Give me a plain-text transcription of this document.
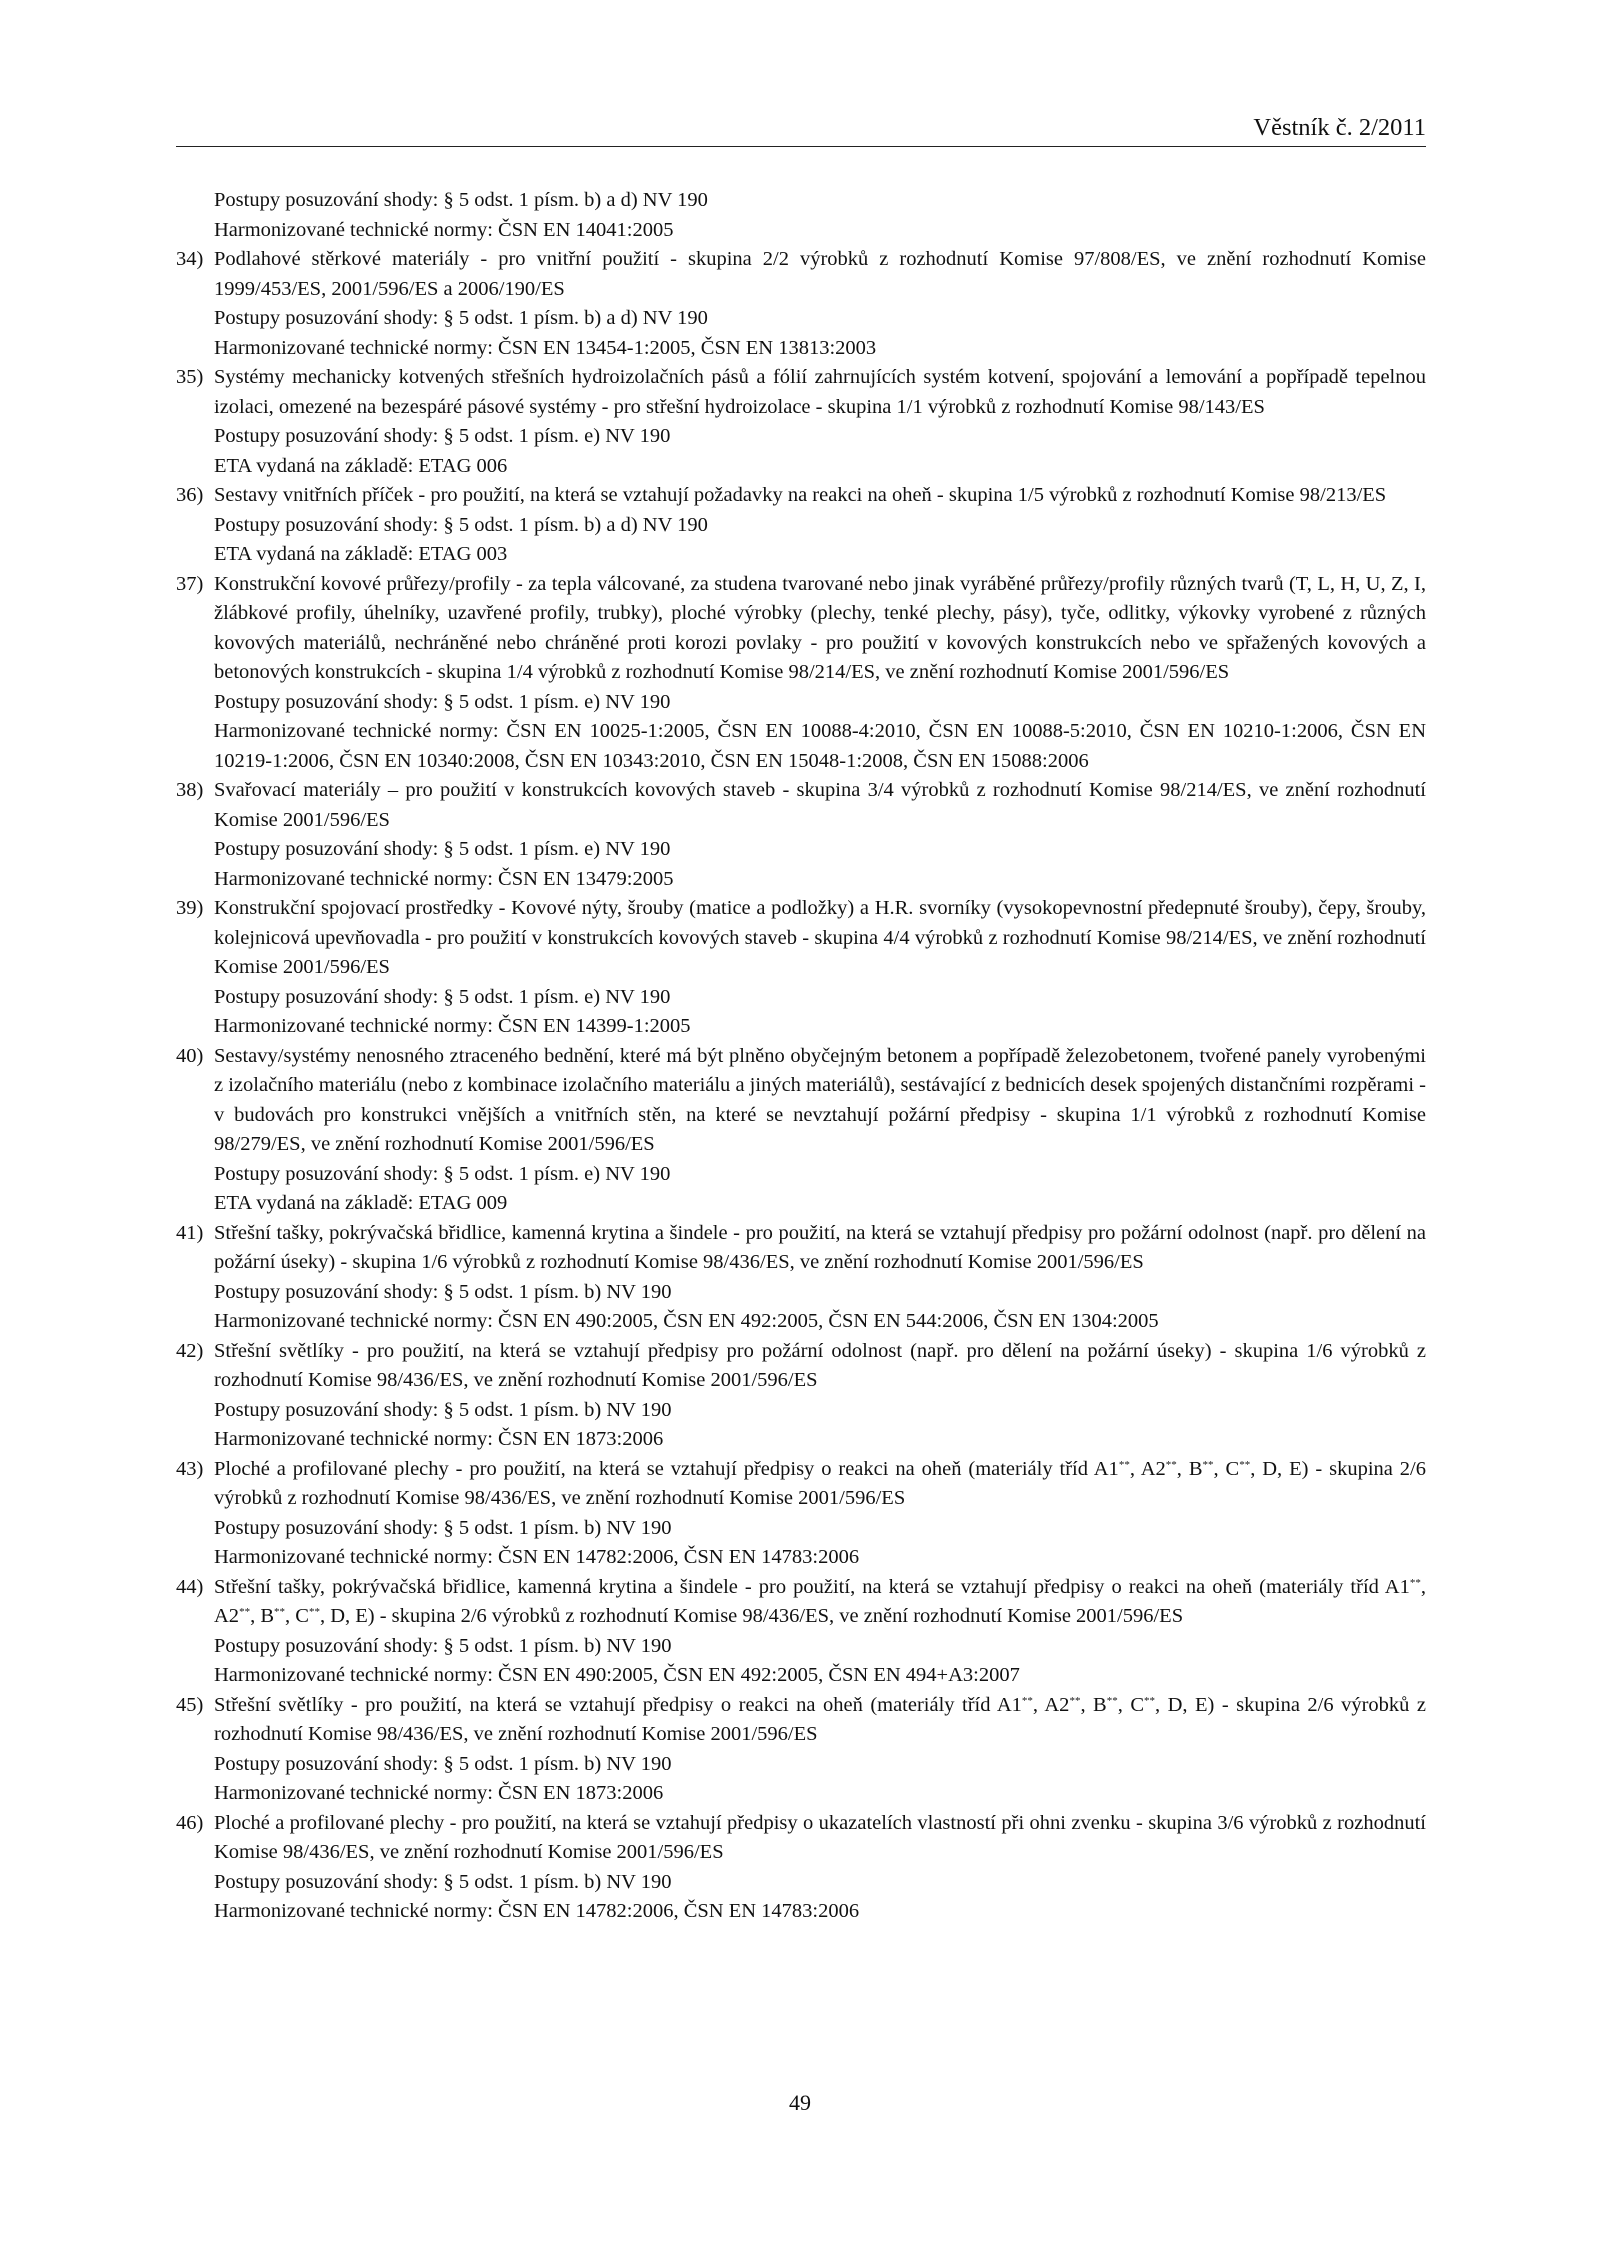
Věstník č. 2/2011
Postupy posuzování shody: § 5 odst. 1 písm. b) a d) NV 190
Harmonizované technické normy: ČSN EN 14041:2005
34) Podlahové stěrkové materiály - pro vnitřní použití - skupina 2/2 výrobků z rozhodnutí Komise 97/808/ES, ve znění rozhodnutí Komise 1999/453/ES, 2001/596/ES a 2006/190/ES
Postupy posuzování shody: § 5 odst. 1 písm. b) a d) NV 190
Harmonizované technické normy: ČSN EN 13454-1:2005, ČSN EN 13813:2003
35) Systémy mechanicky kotvených střešních hydroizolačních pásů a fólií zahrnujících systém kotvení, spojování a lemování a popřípadě tepelnou izolaci, omezené na bezespáré pásové systémy - pro střešní hydroizolace - skupina 1/1 výrobků z rozhodnutí Komise 98/143/ES
Postupy posuzování shody: § 5 odst. 1 písm. e) NV 190
ETA vydaná na základě: ETAG 006
36) Sestavy vnitřních příček - pro použití, na která se vztahují požadavky na reakci na oheň - skupina 1/5 výrobků z rozhodnutí Komise 98/213/ES
Postupy posuzování shody: § 5 odst. 1 písm. b) a d) NV 190
ETA vydaná na základě: ETAG 003
37) Konstrukční kovové průřezy/profily - za tepla válcované, za studena tvarované nebo jinak vyráběné průřezy/profily různých tvarů (T, L, H, U, Z, I, žlábkové profily, úhelníky, uzavřené profily, trubky), ploché výrobky (plechy, tenké plechy, pásy), tyče, odlitky, výkovky vyrobené z různých kovových materiálů, nechráněné nebo chráněné proti korozi povlaky - pro použití v kovových konstrukcích nebo ve spřažených kovových a betonových konstrukcích - skupina 1/4 výrobků z rozhodnutí Komise 98/214/ES, ve znění rozhodnutí Komise 2001/596/ES
Postupy posuzování shody: § 5 odst. 1 písm. e) NV 190
Harmonizované technické normy: ČSN EN 10025-1:2005, ČSN EN 10088-4:2010, ČSN EN 10088-5:2010, ČSN EN 10210-1:2006, ČSN EN 10219-1:2006, ČSN EN 10340:2008, ČSN EN 10343:2010, ČSN EN 15048-1:2008, ČSN EN 15088:2006
38) Svařovací materiály – pro použití v konstrukcích kovových staveb - skupina 3/4 výrobků z rozhodnutí Komise 98/214/ES, ve znění rozhodnutí Komise 2001/596/ES
Postupy posuzování shody: § 5 odst. 1 písm. e) NV 190
Harmonizované technické normy: ČSN EN 13479:2005
39) Konstrukční spojovací prostředky - Kovové nýty, šrouby (matice a podložky) a H.R. svorníky (vysokopevnostní předepnuté šrouby), čepy, šrouby, kolejnicová upevňovadla - pro použití v konstrukcích kovových staveb - skupina 4/4 výrobků z rozhodnutí Komise 98/214/ES, ve znění rozhodnutí Komise 2001/596/ES
Postupy posuzování shody: § 5 odst. 1 písm. e) NV 190
Harmonizované technické normy: ČSN EN 14399-1:2005
40) Sestavy/systémy nenosného ztraceného bednění, které má být plněno obyčejným betonem a popřípadě železobetonem, tvořené panely vyrobenými z izolačního materiálu (nebo z kombinace izolačního materiálu a jiných materiálů), sestávající z bednicích desek spojených distančními rozpěrami - v budovách pro konstrukci vnějších a vnitřních stěn, na které se nevztahují požární předpisy - skupina 1/1 výrobků z rozhodnutí Komise 98/279/ES, ve znění rozhodnutí Komise 2001/596/ES
Postupy posuzování shody: § 5 odst. 1 písm. e) NV 190
ETA vydaná na základě: ETAG 009
41) Střešní tašky, pokrývačská břidlice, kamenná krytina a šindele - pro použití, na která se vztahují předpisy pro požární odolnost (např. pro dělení na požární úseky) - skupina 1/6 výrobků z rozhodnutí Komise 98/436/ES, ve znění rozhodnutí Komise 2001/596/ES
Postupy posuzování shody: § 5 odst. 1 písm. b) NV 190
Harmonizované technické normy: ČSN EN 490:2005, ČSN EN 492:2005, ČSN EN 544:2006, ČSN EN 1304:2005
42) Střešní světlíky - pro použití, na která se vztahují předpisy pro požární odolnost (např. pro dělení na požární úseky) - skupina 1/6 výrobků z rozhodnutí Komise 98/436/ES, ve znění rozhodnutí Komise 2001/596/ES
Postupy posuzování shody: § 5 odst. 1 písm. b) NV 190
Harmonizované technické normy: ČSN EN 1873:2006
43) Ploché a profilované plechy - pro použití, na která se vztahují předpisy o reakci na oheň (materiály tříd A1**, A2**, B**, C**, D, E) - skupina 2/6 výrobků z rozhodnutí Komise 98/436/ES, ve znění rozhodnutí Komise 2001/596/ES
Postupy posuzování shody: § 5 odst. 1 písm. b) NV 190
Harmonizované technické normy: ČSN EN 14782:2006, ČSN EN 14783:2006
44) Střešní tašky, pokrývačská břidlice, kamenná krytina a šindele - pro použití, na která se vztahují předpisy o reakci na oheň (materiály tříd A1**, A2**, B**, C**, D, E) - skupina 2/6 výrobků z rozhodnutí Komise 98/436/ES, ve znění rozhodnutí Komise 2001/596/ES
Postupy posuzování shody: § 5 odst. 1 písm. b) NV 190
Harmonizované technické normy: ČSN EN 490:2005, ČSN EN 492:2005, ČSN EN 494+A3:2007
45) Střešní světlíky - pro použití, na která se vztahují předpisy o reakci na oheň (materiály tříd A1**, A2**, B**, C**, D, E) - skupina 2/6 výrobků z rozhodnutí Komise 98/436/ES, ve znění rozhodnutí Komise 2001/596/ES
Postupy posuzování shody: § 5 odst. 1 písm. b) NV 190
Harmonizované technické normy: ČSN EN 1873:2006
46) Ploché a profilované plechy - pro použití, na která se vztahují předpisy o ukazatelích vlastností při ohni zvenku - skupina 3/6 výrobků z rozhodnutí Komise 98/436/ES, ve znění rozhodnutí Komise 2001/596/ES
Postupy posuzování shody: § 5 odst. 1 písm. b) NV 190
Harmonizované technické normy: ČSN EN 14782:2006, ČSN EN 14783:2006
49
